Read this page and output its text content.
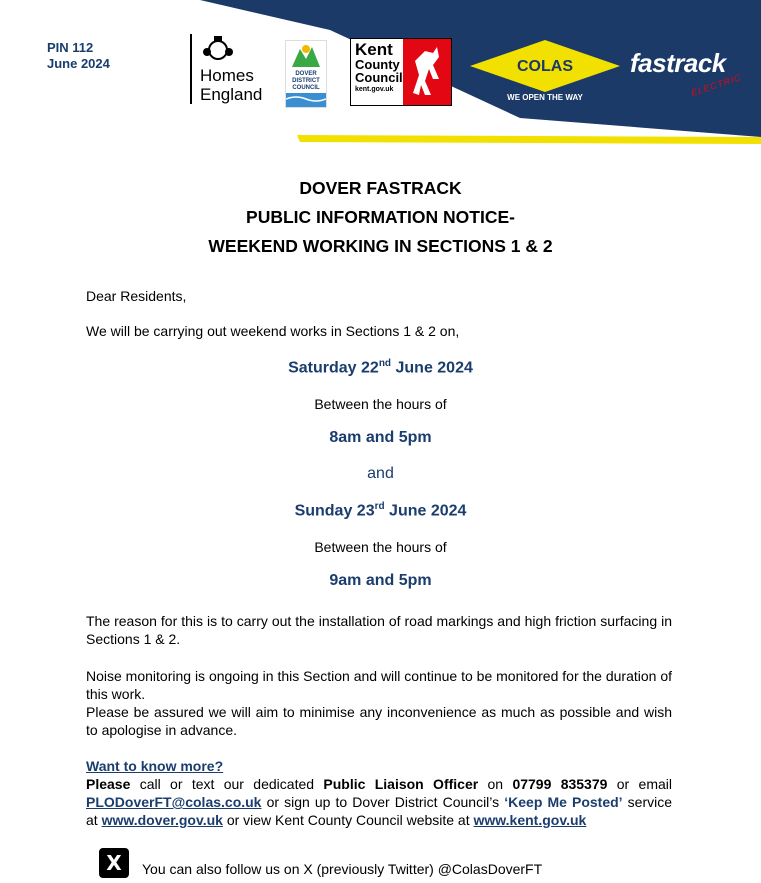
PIN 112
June 2024
Homes
England
DOVER
DISTRICT
COUNCIL
Kent
County
Council
kent.gov.uk
COLAS
WE OPEN THE WAY
fastrack
ELECTRIC
DOVER FASTRACK
PUBLIC INFORMATION NOTICE-
WEEKEND WORKING IN SECTIONS 1 & 2
Dear Residents,
We will be carrying out weekend works in Sections 1 & 2 on,
Saturday 22nd June 2024
Between the hours of
8am and 5pm
and
Sunday 23rd June 2024
Between the hours of
9am and 5pm
The reason for this is to carry out the installation of road markings and high friction surfacing in Sections 1 & 2.
Noise monitoring is ongoing in this Section and will continue to be monitored for the duration of this work.
Please be assured we will aim to minimise any inconvenience as much as possible and wish to apologise in advance.
Want to know more?
Please call or text our dedicated Public Liaison Officer on 07799 835379 or email PLODoverFT@colas.co.uk or sign up to Dover District Council’s ‘Keep Me Posted’ service at www.dover.gov.uk or view Kent County Council website at www.kent.gov.uk
X	You can also follow us on X (previously Twitter) @ColasDoverFT
